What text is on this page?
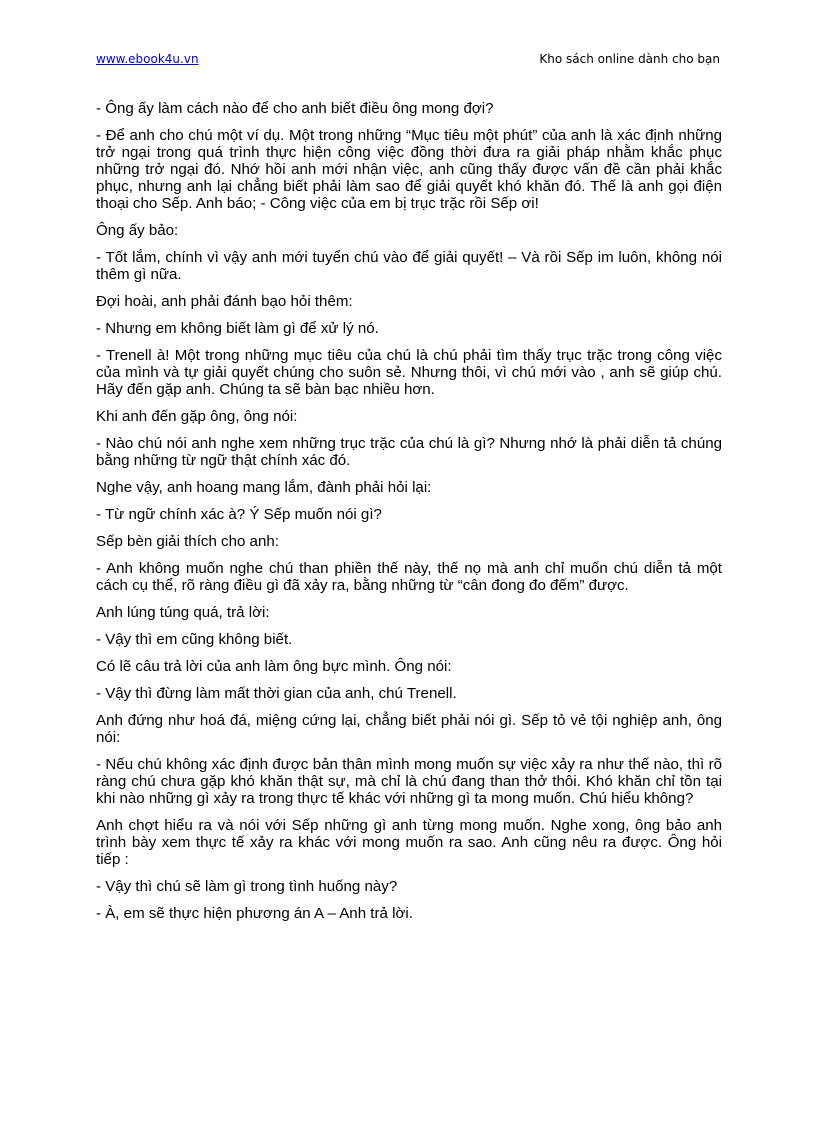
www.ebook4u.vn	Kho sách online dành cho bạn

- Ông ấy làm cách nào để cho anh biết điều ông mong đợi?

- Để anh cho chú một ví dụ. Một trong những “Mục tiêu một phút” của anh là xác định những trở ngại trong quá trình thực hiện công việc đồng thời đưa ra giải pháp nhằm khắc phục những trở ngại đó. Nhớ hồi anh mới nhận việc, anh cũng thấy được vấn đề cần phải khắc phục, nhưng anh lại chẳng biết phải làm sao để giải quyết khó khăn đó. Thế là anh gọi điện thoại cho Sếp. Anh báo; - Công việc của em bị trục trặc rồi Sếp ơi!

Ông ấy bảo:

- Tốt lắm, chính vì vậy anh mới tuyển chú vào để giải quyết! – Và rồi Sếp im luôn, không nói thêm gì nữa.

Đợi hoài, anh phải đánh bạo hỏi thêm:

- Nhưng em không biết làm gì để xử lý nó.

- Trenell à! Một trong những mục tiêu của chú là chú phải tìm thấy trục trặc trong công việc của mình và tự giải quyết chúng cho suôn sẻ. Nhưng thôi, vì chú mới vào , anh sẽ giúp chú. Hãy đến gặp anh. Chúng ta sẽ bàn bạc nhiều hơn.

Khi anh đến gặp ông, ông nói:

- Nào chú nói anh nghe xem những trục trặc của chú là gì? Nhưng nhớ là phải diễn tả chúng bằng những từ ngữ thật chính xác đó.

Nghe vậy, anh hoang mang lắm, đành phải hỏi lại:

- Từ ngữ chính xác à? Ý Sếp muốn nói gì?

Sếp bèn giải thích cho anh:

- Anh không muốn nghe chú than phiền thế này, thế nọ mà anh chỉ muốn chú diễn tả một cách cụ thể, rõ ràng điều gì đã xảy ra, bằng những từ “cân đong đo đếm” được.

Anh lúng túng quá, trả lời:

- Vậy thì em cũng không biết.

Có lẽ câu trả lời của anh làm ông bực mình. Ông nói:

- Vậy thì đừng làm mất thời gian của anh, chú Trenell.

Anh đứng như hoá đá, miệng cứng lại, chẳng biết phải nói gì. Sếp tỏ vẻ tội nghiệp anh, ông nói:

- Nếu chú không xác định được bản thân mình mong muốn sự việc xảy ra như thế nào, thì rõ ràng chú chưa gặp khó khăn thật sự, mà chỉ là chú đang than thở thôi. Khó khăn chỉ tồn tại khi nào những gì xảy ra trong thực tế khác với những gì ta mong muốn. Chú hiểu không?

Anh chợt hiểu ra và nói với Sếp những gì anh từng mong muốn. Nghe xong, ông bảo anh trình bày xem thực tế xảy ra khác với mong muốn ra sao. Anh cũng nêu ra được. Ông hỏi tiếp :

- Vậy thì chú sẽ làm gì trong tình huống này?

- À, em sẽ thực hiện phương án A – Anh trả lời.
